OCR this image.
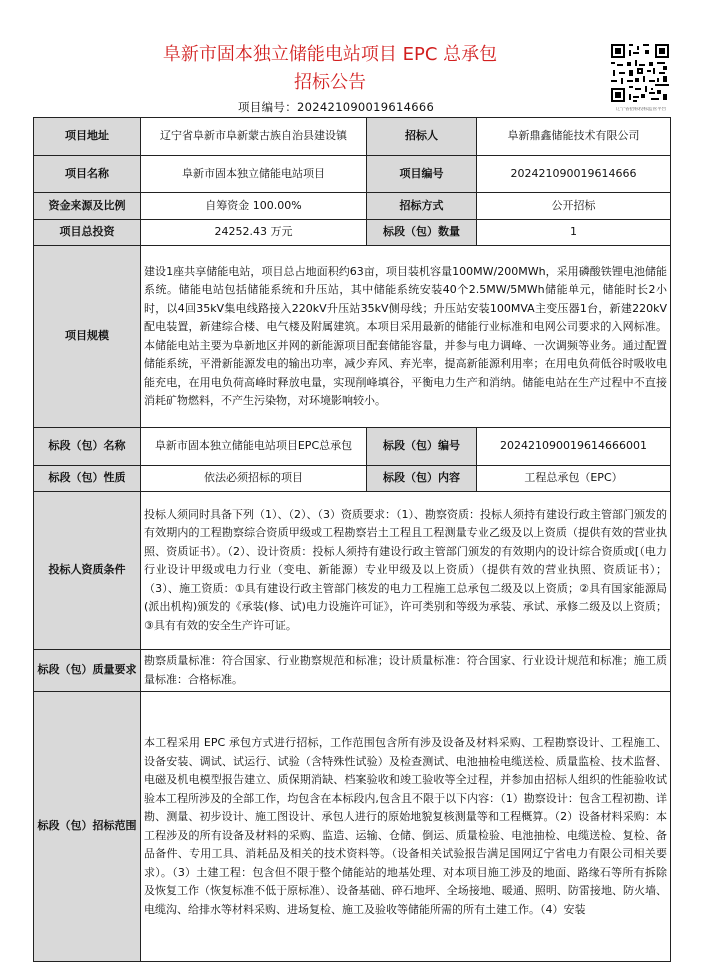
阜新市固本独立储能电站项目 EPC 总承包
招标公告
项目编号：202421090019614666	辽宁省招标投标监管平台
项目地址	辽宁省阜新市阜新蒙古族自治县建设镇	招标人	阜新鼎鑫储能技术有限公司
项目名称	阜新市固本独立储能电站项目	项目编号	202421090019614666
资金来源及比例	自筹资金 100.00%	招标方式	公开招标
项目总投资	24252.43 万元	标段（包）数量	1
项目规模	建设1座共享储能电站，项目总占地面积约63亩，项目装机容量100MW/200MWh，采用磷酸铁锂电池储能系统。储能电站包括储能系统和升压站，其中储能系统安装40个2.5MW/5MWh储能单元，储能时长2小时，以4回35kV集电线路接入220kV升压站35kV侧母线；升压站安装100MVA主变压器1台，新建220kV配电装置，新建综合楼、电气楼及附属建筑。本项目采用最新的储能行业标准和电网公司要求的入网标准。本储能电站主要为阜新地区并网的新能源项目配套储能容量，并参与电力调峰、一次调频等业务。通过配置储能系统，平滑新能源发电的输出功率，减少弃风、弃光率，提高新能源利用率；在用电负荷低谷时吸收电能充电，在用电负荷高峰时释放电量，实现削峰填谷，平衡电力生产和消纳。储能电站在生产过程中不直接消耗矿物燃料，不产生污染物，对环境影响较小。		
标段（包）名称	阜新市固本独立储能电站项目EPC总承包	标段（包）编号	202421090019614666001
标段（包）性质	依法必须招标的项目	标段（包）内容	工程总承包（EPC）
投标人资质条件	投标人须同时具备下列（1）、（2）、（3）资质要求：（1）、勘察资质：投标人须持有建设行政主管部门颁发的有效期内的工程勘察综合资质甲级或工程勘察岩土工程且工程测量专业乙级及以上资质（提供有效的营业执照、资质证书）。（2）、设计资质：投标人须持有建设行政主管部门颁发的有效期内的设计综合资质或[（电力行业设计甲级或电力行业（变电、新能源）专业甲级及以上资质）（提供有效的营业执照、资质证书）；（3）、施工资质：①具有建设行政主管部门核发的电力工程施工总承包二级及以上资质；②具有国家能源局(派出机构)颁发的《承装(修、试)电力设施许可证》，许可类别和等级为承装、承试、承修二级及以上资质；③具有有效的安全生产许可证。		
标段（包）质量要求	勘察质量标准：符合国家、行业勘察规范和标准；设计质量标准：符合国家、行业设计规范和标准；施工质量标准：合格标准。		
标段（包）招标范围	本工程采用 EPC 承包方式进行招标，工作范围包含所有涉及设备及材料采购、工程勘察设计、工程施工、设备安装、调试、试运行、试验（含特殊性试验）及检查测试、电池抽检电缆送检、质量监检、技术监督、电磁及机电模型报告建立、质保期消缺、档案验收和竣工验收等全过程，并参加由招标人组织的性能验收试验本工程所涉及的全部工作，均包含在本标段内,包含且不限于以下内容：（1）勘察设计：包含工程初勘、详勘、测量、初步设计、施工图设计、承包人进行的原始地貌复核测量等和工程概算。（2）设备材料采购：本工程涉及的所有设备及材料的采购、监造、运输、仓储、倒运、质量检验、电池抽检、电缆送检、复检、备品备件、专用工具、消耗品及相关的技术资料等。（设备相关试验报告满足国网辽宁省电力有限公司相关要求）。（3）土建工程：包含但不限于整个储能站的地基处理、对本项目施工涉及的地面、路缘石等所有拆除及恢复工作（恢复标准不低于原标准）、设备基础、碎石地坪、全场接地、暖通、照明、防雷接地、防火墙、电缆沟、给排水等材料采购、进场复检、施工及验收等储能所需的所有土建工作。（4）安装		
